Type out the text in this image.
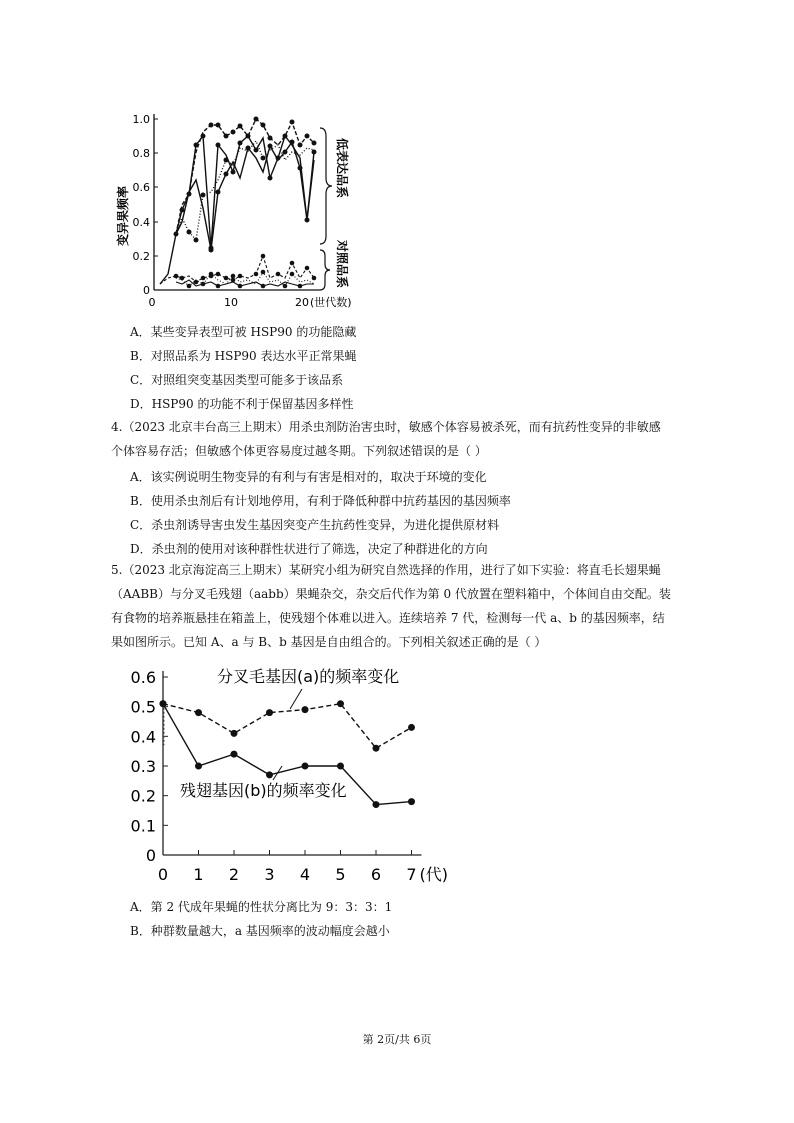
1.0
0.8
0.6
0.4
0.2
0
0	10	20 (世代数)
变异果频率
低表达品系
对照品系
A．某些变异表型可被 HSP90 的功能隐藏
B．对照品系为 HSP90 表达水平正常果蝇
C．对照组突变基因类型可能多于该品系
D．HSP90 的功能不利于保留基因多样性
4.（2023 北京丰台高三上期末）用杀虫剂防治害虫时，敏感个体容易被杀死，而有抗药性变异的非敏感个体容易存活；但敏感个体更容易度过越冬期。下列叙述错误的是（ ）
A．该实例说明生物变异的有利与有害是相对的，取决于环境的变化
B．使用杀虫剂后有计划地停用，有利于降低种群中抗药基因的基因频率
C．杀虫剂诱导害虫发生基因突变产生抗药性变异，为进化提供原材料
D．杀虫剂的使用对该种群性状进行了筛选，决定了种群进化的方向
5.（2023 北京海淀高三上期末）某研究小组为研究自然选择的作用，进行了如下实验：将直毛长翅果蝇（AABB）与分叉毛残翅（aabb）果蝇杂交，杂交后代作为第 0 代放置在塑料箱中，个体间自由交配。装有食物的培养瓶悬挂在箱盖上，使残翅个体难以进入。连续培养 7 代，检测每一代 a、b 的基因频率，结果如图所示。已知 A、a 与 B、b 基因是自由组合的。下列相关叙述正确的是（ ）
0
0.1
0.2
0.3
0.4
0.5
0.6
0 1 2 3 4 5 6 7 (代)
分叉毛基因(a)的频率变化
残翅基因(b)的频率变化
A．第 2 代成年果蝇的性状分离比为 9：3：3：1
B．种群数量越大，a 基因频率的波动幅度会越小
第 2页/共 6页
